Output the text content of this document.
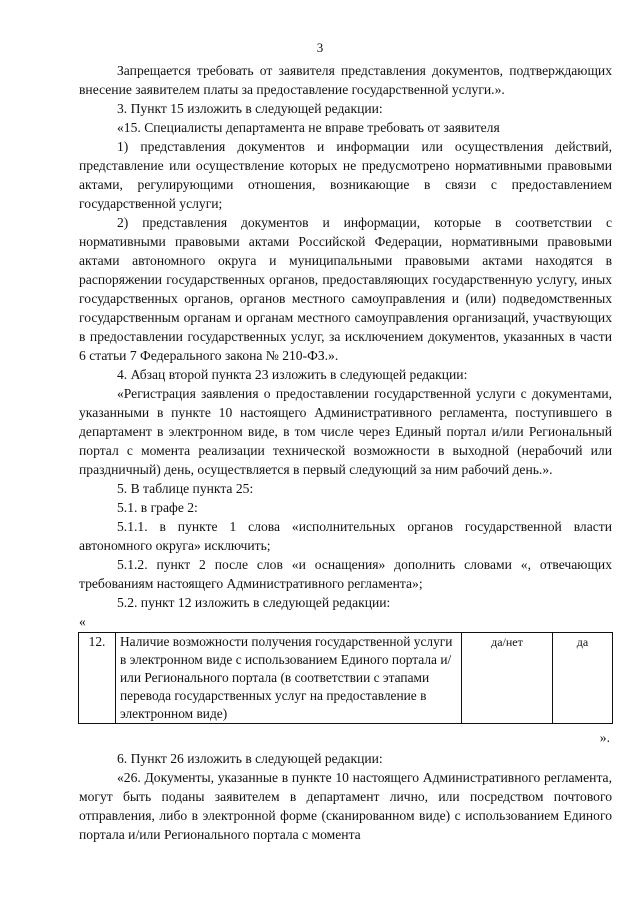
3

Запрещается требовать от заявителя представления документов, подтверждающих внесение заявителем платы за предоставление государственной услуги.».

3. Пункт 15 изложить в следующей редакции:

«15. Специалисты департамента не вправе требовать от заявителя

1) представления документов и информации или осуществления действий, представление или осуществление которых не предусмотрено нормативными правовыми актами, регулирующими отношения, возникающие в связи с предоставлением государственной услуги;

2) представления документов и информации, которые в соответствии с нормативными правовыми актами Российской Федерации, нормативными правовыми актами автономного округа и муниципальными правовыми актами находятся в распоряжении государственных органов, предоставляющих государственную услугу, иных государственных органов, органов местного самоуправления и (или) подведомственных государственным органам и органам местного самоуправления организаций, участвующих в предоставлении государственных услуг, за исключением документов, указанных в части 6 статьи 7 Федерального закона № 210-ФЗ.».

4. Абзац второй пункта 23 изложить в следующей редакции:

«Регистрация заявления о предоставлении государственной услуги с документами, указанными в пункте 10 настоящего Административного регламента, поступившего в департамент в электронном виде, в том числе через Единый портал и/или Региональный портал с момента реализации технической возможности в выходной (нерабочий или праздничный) день, осуществляется в первый следующий за ним рабочий день.».

5. В таблице пункта 25:

5.1. в графе 2:

5.1.1. в пункте 1 слова «исполнительных органов государственной власти автономного округа» исключить;

5.1.2. пункт 2 после слов «и оснащения» дополнить словами «, отвечающих требованиям настоящего Административного регламента»;

5.2. пункт 12 изложить в следующей редакции:

«

12.	Наличие возможности получения государственной услуги в электронном виде с использованием Единого портала и/или Регионального портала (в соответствии с этапами перевода государственных услуг на предоставление в электронном виде)	да/нет	да
».

6. Пункт 26 изложить в следующей редакции:

«26. Документы, указанные в пункте 10 настоящего Административного регламента, могут быть поданы заявителем в департамент лично, или посредством почтового отправления, либо в электронной форме (сканированном виде) с использованием Единого портала и/или Регионального портала с момента
